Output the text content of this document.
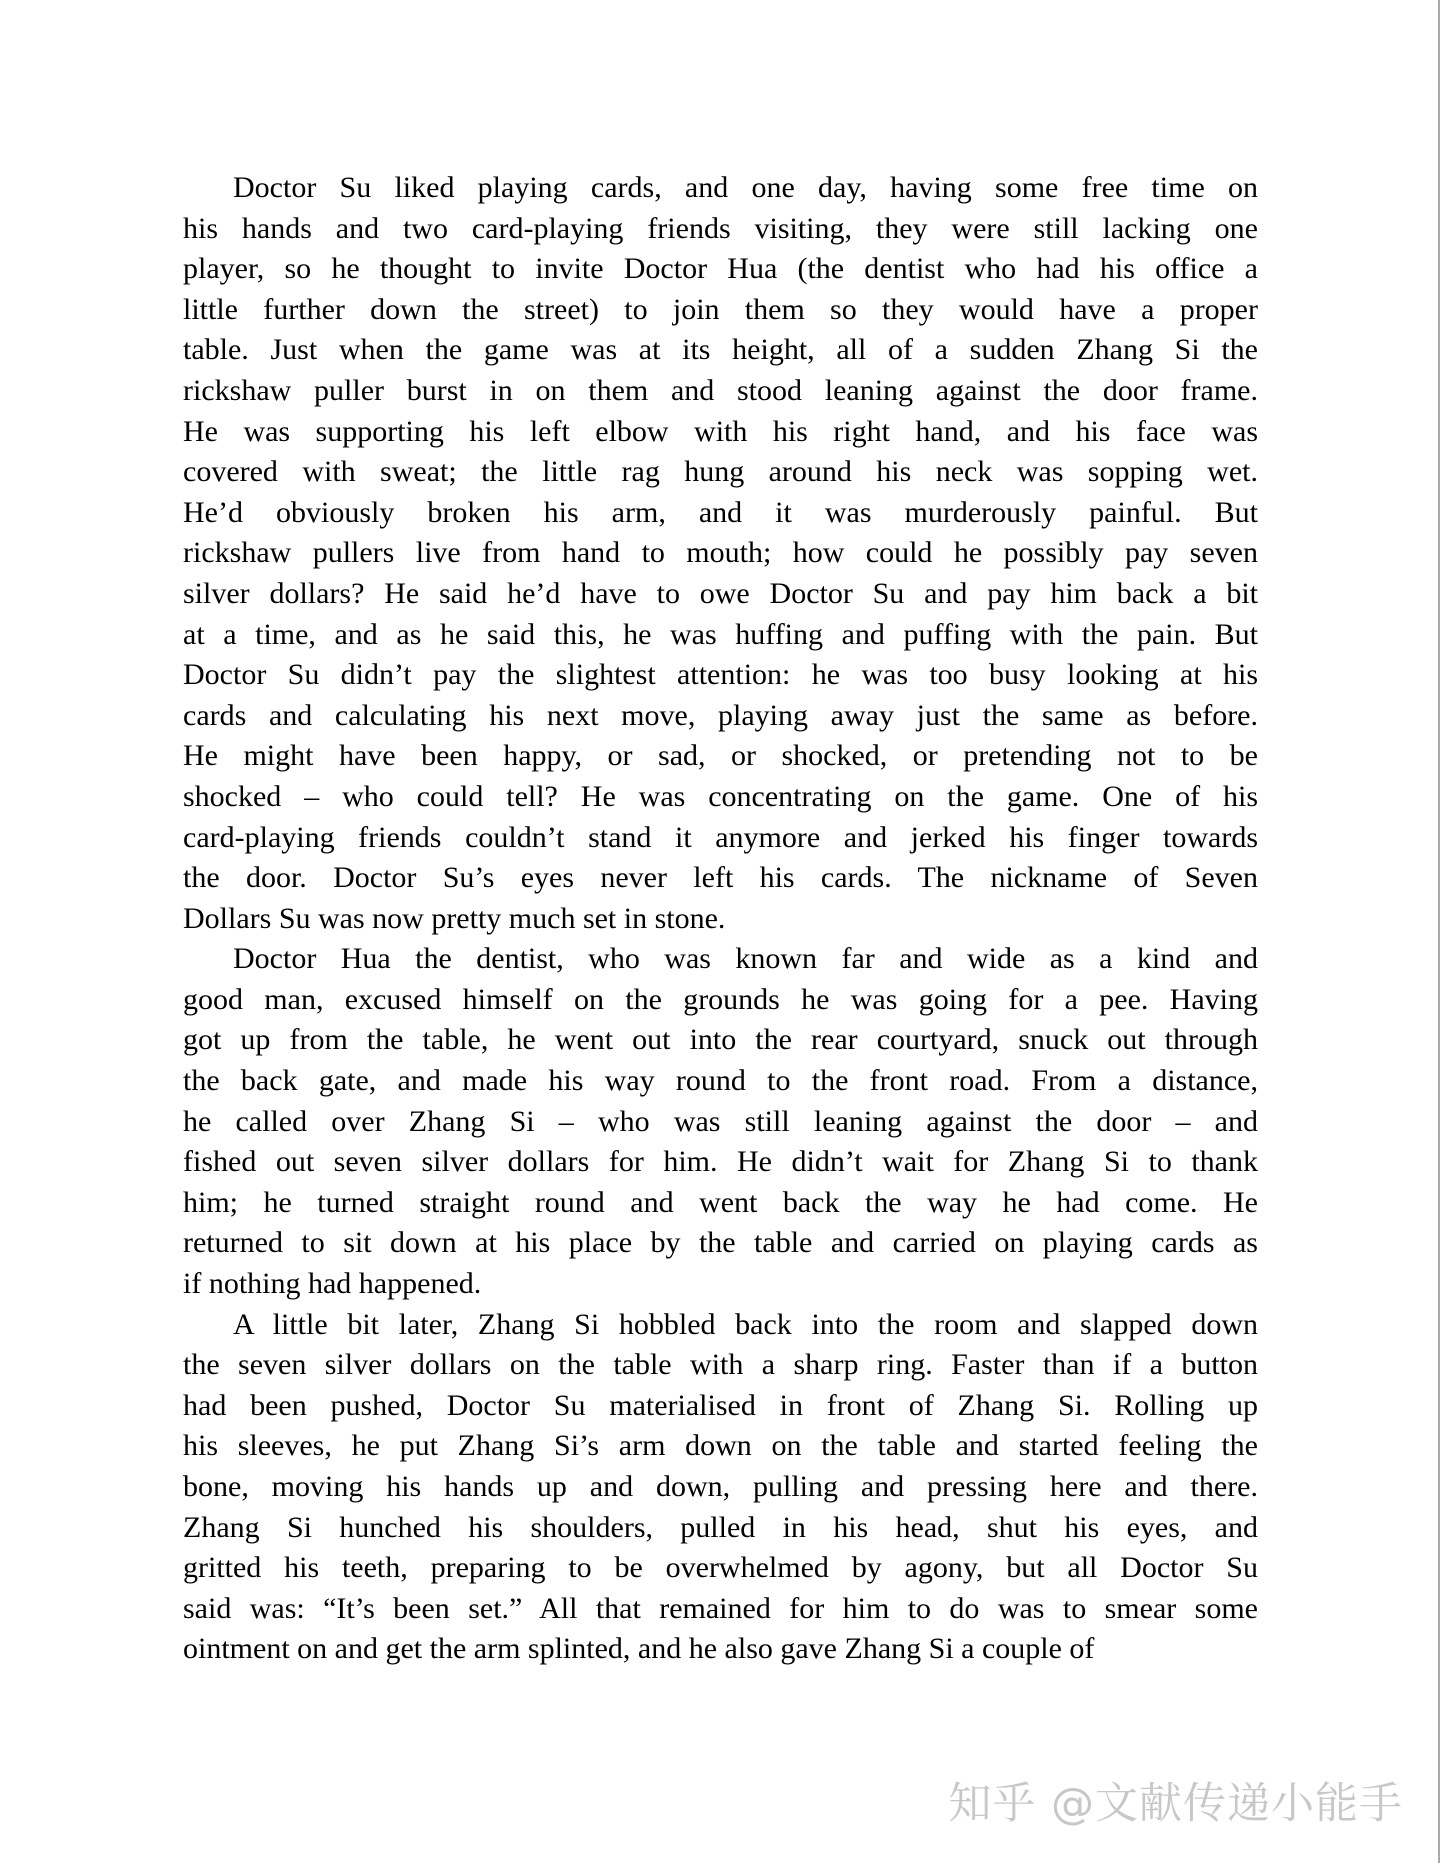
Doctor Su liked playing cards, and one day, having some free time on
his hands and two card-playing friends visiting, they were still lacking one
player, so he thought to invite Doctor Hua (the dentist who had his office a
little further down the street) to join them so they would have a proper
table. Just when the game was at its height, all of a sudden Zhang Si the
rickshaw puller burst in on them and stood leaning against the door frame.
He was supporting his left elbow with his right hand, and his face was
covered with sweat; the little rag hung around his neck was sopping wet.
He’d obviously broken his arm, and it was murderously painful. But
rickshaw pullers live from hand to mouth; how could he possibly pay seven
silver dollars? He said he’d have to owe Doctor Su and pay him back a bit
at a time, and as he said this, he was huffing and puffing with the pain. But
Doctor Su didn’t pay the slightest attention: he was too busy looking at his
cards and calculating his next move, playing away just the same as before.
He might have been happy, or sad, or shocked, or pretending not to be
shocked – who could tell? He was concentrating on the game. One of his
card-playing friends couldn’t stand it anymore and jerked his finger towards
the door. Doctor Su’s eyes never left his cards. The nickname of Seven
Dollars Su was now pretty much set in stone.
Doctor Hua the dentist, who was known far and wide as a kind and
good man, excused himself on the grounds he was going for a pee. Having
got up from the table, he went out into the rear courtyard, snuck out through
the back gate, and made his way round to the front road. From a distance,
he called over Zhang Si – who was still leaning against the door – and
fished out seven silver dollars for him. He didn’t wait for Zhang Si to thank
him; he turned straight round and went back the way he had come. He
returned to sit down at his place by the table and carried on playing cards as
if nothing had happened.
A little bit later, Zhang Si hobbled back into the room and slapped down
the seven silver dollars on the table with a sharp ring. Faster than if a button
had been pushed, Doctor Su materialised in front of Zhang Si. Rolling up
his sleeves, he put Zhang Si’s arm down on the table and started feeling the
bone, moving his hands up and down, pulling and pressing here and there.
Zhang Si hunched his shoulders, pulled in his head, shut his eyes, and
gritted his teeth, preparing to be overwhelmed by agony, but all Doctor Su
said was: “It’s been set.” All that remained for him to do was to smear some
ointment on and get the arm splinted, and he also gave Zhang Si a couple of
知乎 @文献传递小能手
